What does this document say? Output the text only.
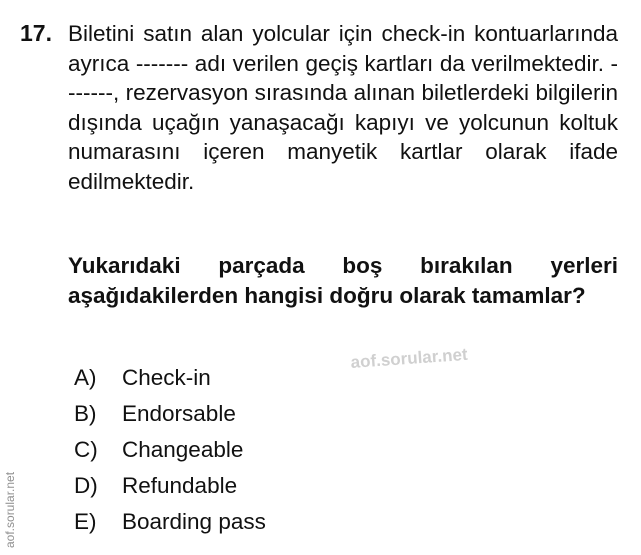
17. Biletini satın alan yolcular için check-in kontuarlarında ayrıca ------- adı verilen geçiş kartları da verilmektedir. -------, rezervasyon sırasında alınan biletlerdeki bilgilerin dışında uçağın yanaşacağı kapıyı ve yolcunun koltuk numarasını içeren manyetik kartlar olarak ifade edilmektedir.

Yukarıdaki parçada boş bırakılan yerleri aşağıdakilerden hangisi doğru olarak tamamlar?

A)	Check-in
B)	Endorsable
C)	Changeable
D)	Refundable
E)	Boarding pass
aof.sorular.net
aof.sorular.net
